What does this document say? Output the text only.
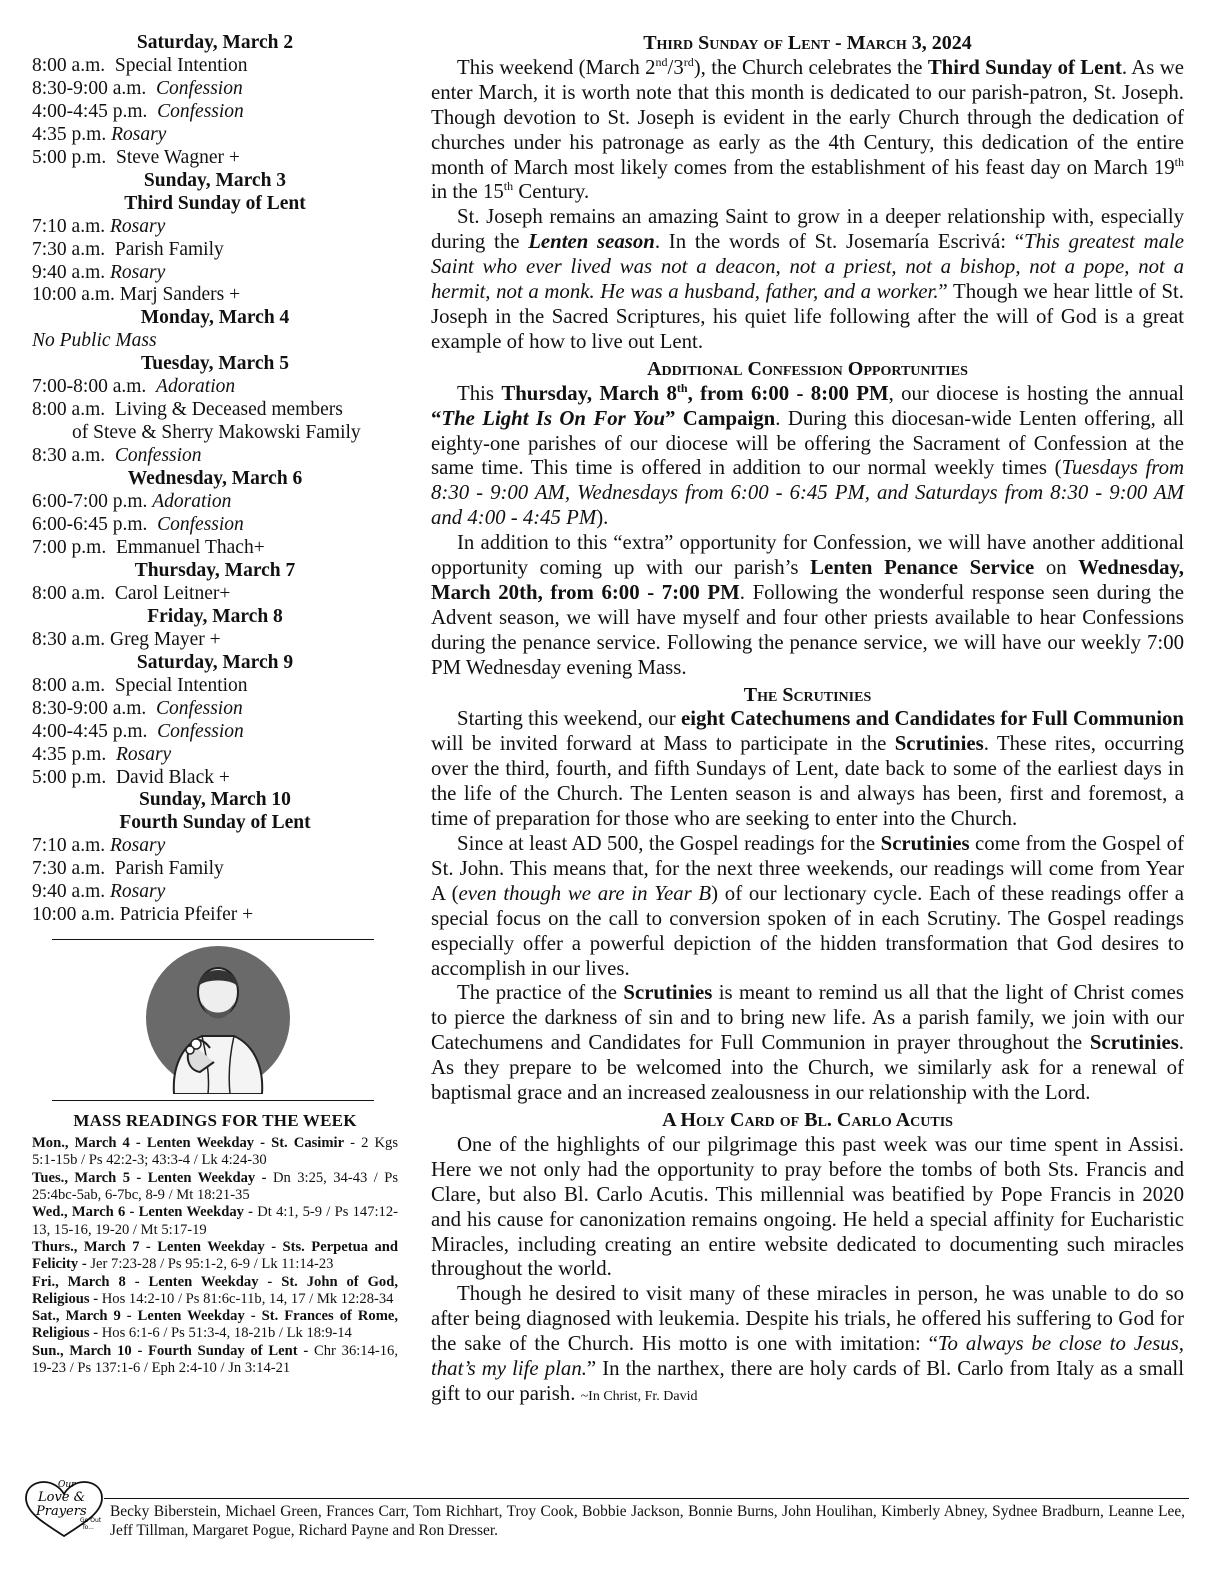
Saturday, March 2
8:00 a.m.  Special Intention
8:30-9:00 a.m.  Confession
4:00-4:45 p.m.  Confession
4:35 p.m. Rosary
5:00 p.m.  Steve Wagner +
Sunday, March 3
Third Sunday of Lent
7:10 a.m. Rosary
7:30 a.m.  Parish Family
9:40 a.m. Rosary
10:00 a.m. Marj Sanders +
Monday, March 4
No Public Mass
Tuesday, March 5
7:00-8:00 a.m.  Adoration
8:00 a.m.  Living & Deceased members
of Steve & Sherry Makowski Family
8:30 a.m.  Confession
Wednesday, March 6
6:00-7:00 p.m. Adoration
6:00-6:45 p.m.  Confession
7:00 p.m.  Emmanuel Thach+
Thursday, March 7
8:00 a.m.  Carol Leitner+
Friday, March 8
8:30 a.m. Greg Mayer +
Saturday, March 9
8:00 a.m.  Special Intention
8:30-9:00 a.m.  Confession
4:00-4:45 p.m.  Confession
4:35 p.m.  Rosary
5:00 p.m.  David Black +
Sunday, March 10
Fourth Sunday of Lent
7:10 a.m. Rosary
7:30 a.m.  Parish Family
9:40 a.m. Rosary
10:00 a.m. Patricia Pfeifer +
MASS READINGS FOR THE WEEK

Mon., March 4 - Lenten Weekday - St. Casimir - 2 Kgs 5:1-15b / Ps 42:2-3; 43:3-4 / Lk 4:24-30

Tues., March 5 - Lenten Weekday - Dn 3:25, 34-43 / Ps 25:4bc-5ab, 6-7bc, 8-9 / Mt 18:21-35

Wed., March 6 - Lenten Weekday - Dt 4:1, 5-9 / Ps 147:12-13, 15-16, 19-20 / Mt 5:17-19

Thurs., March 7 - Lenten Weekday - Sts. Perpetua and Felicity - Jer 7:23-28 / Ps 95:1-2, 6-9 / Lk 11:14-23

Fri., March 8 - Lenten Weekday - St. John of God, Religious - Hos 14:2-10 / Ps 81:6c-11b, 14, 17 / Mk 12:28-34

Sat., March 9 - Lenten Weekday - St. Frances of Rome, Religious - Hos 6:1-6 / Ps 51:3-4, 18-21b / Lk 18:9-14

Sun., March 10 - Fourth Sunday of Lent - Chr 36:14-16, 19-23 / Ps 137:1-6 / Eph 2:4-10 / Jn 3:14-21

Third Sunday of Lent - March 3, 2024

This weekend (March 2nd/3rd), the Church celebrates the Third Sunday of Lent. As we enter March, it is worth note that this month is dedicated to our parish-patron, St. Joseph. Though devotion to St. Joseph is evident in the early Church through the dedication of churches under his patronage as early as the 4th Century, this dedication of the entire month of March most likely comes from the establishment of his feast day on March 19th in the 15th Century.

St. Joseph remains an amazing Saint to grow in a deeper relationship with, especially during the Lenten season. In the words of St. Josemaría Escrivá: “This greatest male Saint who ever lived was not a deacon, not a priest, not a bishop, not a pope, not a hermit, not a monk. He was a husband, father, and a worker.” Though we hear little of St. Joseph in the Sacred Scriptures, his quiet life following after the will of God is a great example of how to live out Lent.

Additional Confession Opportunities

This Thursday, March 8th, from 6:00 - 8:00 PM, our diocese is hosting the annual “The Light Is On For You” Campaign. During this diocesan-wide Lenten offering, all eighty-one parishes of our diocese will be offering the Sacrament of Confession at the same time. This time is offered in addition to our normal weekly times (Tuesdays from 8:30 - 9:00 AM, Wednesdays from 6:00 - 6:45 PM, and Saturdays from 8:30 - 9:00 AM and 4:00 - 4:45 PM).

In addition to this “extra” opportunity for Confession, we will have another additional opportunity coming up with our parish’s Lenten Penance Service on Wednesday, March 20th, from 6:00 - 7:00 PM. Following the wonderful response seen during the Advent season, we will have myself and four other priests available to hear Confessions during the penance service. Following the penance service, we will have our weekly 7:00 PM Wednesday evening Mass.

The Scrutinies

Starting this weekend, our eight Catechumens and Candidates for Full Communion will be invited forward at Mass to participate in the Scrutinies. These rites, occurring over the third, fourth, and fifth Sundays of Lent, date back to some of the earliest days in the life of the Church. The Lenten season is and always has been, first and foremost, a time of preparation for those who are seeking to enter into the Church.

Since at least AD 500, the Gospel readings for the Scrutinies come from the Gospel of St. John. This means that, for the next three weekends, our readings will come from Year A (even though we are in Year B) of our lectionary cycle. Each of these readings offer a special focus on the call to conversion spoken of in each Scrutiny. The Gospel readings especially offer a powerful depiction of the hidden transformation that God desires to accomplish in our lives.

The practice of the Scrutinies is meant to remind us all that the light of Christ comes to pierce the darkness of sin and to bring new life. As a parish family, we join with our Catechumens and Candidates for Full Communion in prayer throughout the Scrutinies. As they prepare to be welcomed into the Church, we similarly ask for a renewal of baptismal grace and an increased zealousness in our relationship with the Lord.

A Holy Card of Bl. Carlo Acutis

One of the highlights of our pilgrimage this past week was our time spent in Assisi. Here we not only had the opportunity to pray before the tombs of both Sts. Francis and Clare, but also Bl. Carlo Acutis. This millennial was beatified by Pope Francis in 2020 and his cause for canonization remains ongoing. He held a special affinity for Eucharistic Miracles, including creating an entire website dedicated to documenting such miracles throughout the world.

Though he desired to visit many of these miracles in person, he was unable to do so after being diagnosed with leukemia. Despite his trials, he offered his suffering to God for the sake of the Church. His motto is one with imitation: “To always be close to Jesus, that’s my life plan.” In the narthex, there are holy cards of Bl. Carlo from Italy as a small gift to our parish. ~In Christ, Fr. David

Our
Love &
Prayers
Go Out
To...
Becky Biberstein, Michael Green, Frances Carr, Tom Richhart, Troy Cook, Bobbie Jackson, Bonnie Burns, John Houlihan, Kimberly Abney, Sydnee Bradburn, Leanne Lee, Jeff Tillman, Margaret Pogue, Richard Payne and Ron Dresser.
